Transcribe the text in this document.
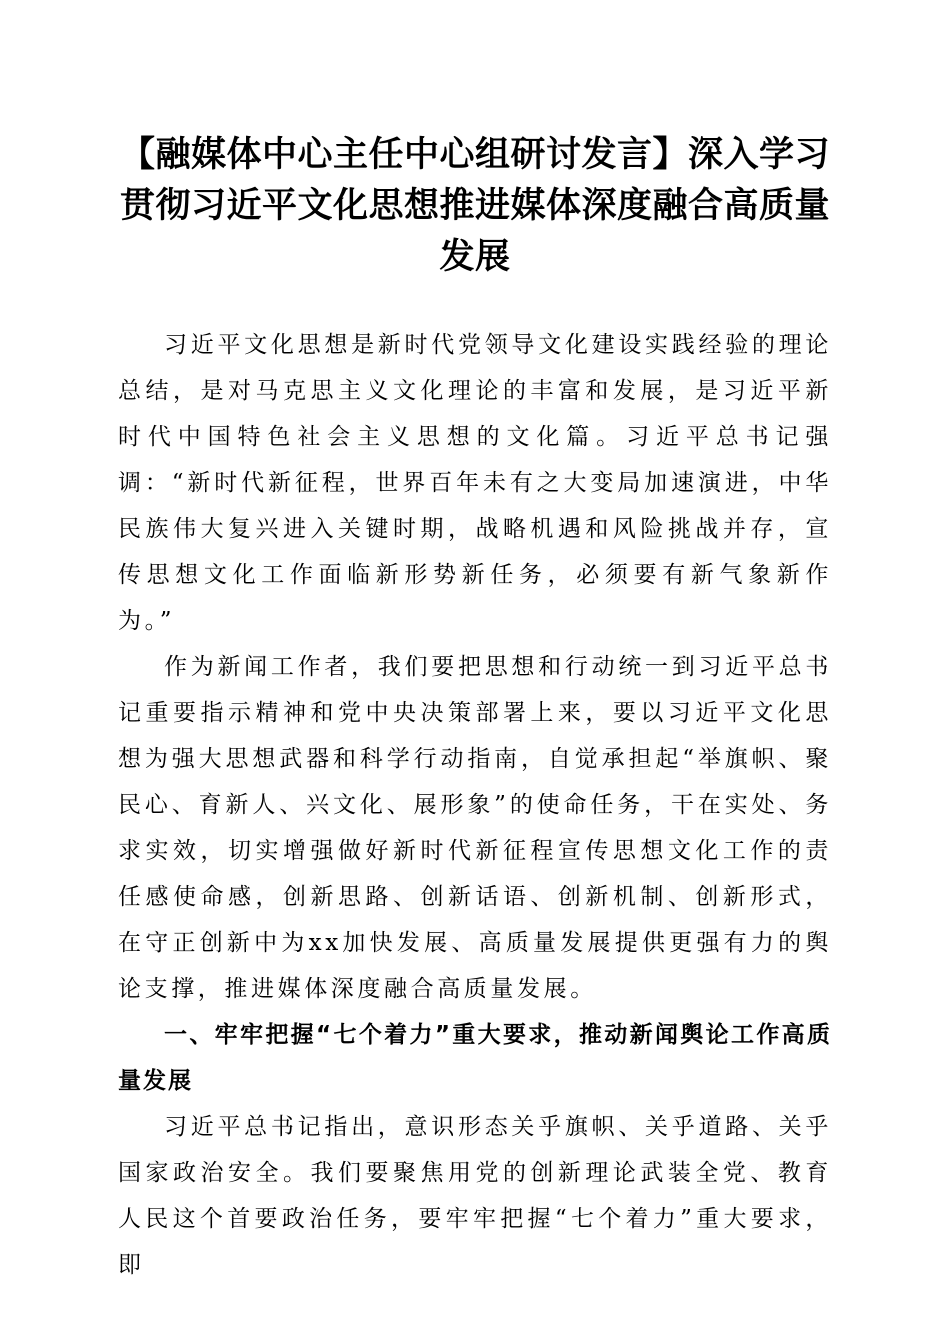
【融媒体中心主任中心组研讨发言】深入学习贯彻习近平文化思想推进媒体深度融合高质量发展

习近平文化思想是新时代党领导文化建设实践经验的理论总结，是对马克思主义文化理论的丰富和发展，是习近平新时代中国特色社会主义思想的文化篇。习近平总书记强调：“新时代新征程，世界百年未有之大变局加速演进，中华民族伟大复兴进入关键时期，战略机遇和风险挑战并存，宣传思想文化工作面临新形势新任务，必须要有新气象新作为。”

作为新闻工作者，我们要把思想和行动统一到习近平总书记重要指示精神和党中央决策部署上来，要以习近平文化思想为强大思想武器和科学行动指南，自觉承担起“举旗帜、聚民心、育新人、兴文化、展形象”的使命任务，干在实处、务求实效，切实增强做好新时代新征程宣传思想文化工作的责任感使命感，创新思路、创新话语、创新机制、创新形式，在守正创新中为xx加快发展、高质量发展提供更强有力的舆论支撑，推进媒体深度融合高质量发展。

一、牢牢把握“七个着力”重大要求，推动新闻舆论工作高质量发展

习近平总书记指出，意识形态关乎旗帜、关乎道路、关乎国家政治安全。我们要聚焦用党的创新理论武装全党、教育人民这个首要政治任务，要牢牢把握“七个着力”重大要求，即
